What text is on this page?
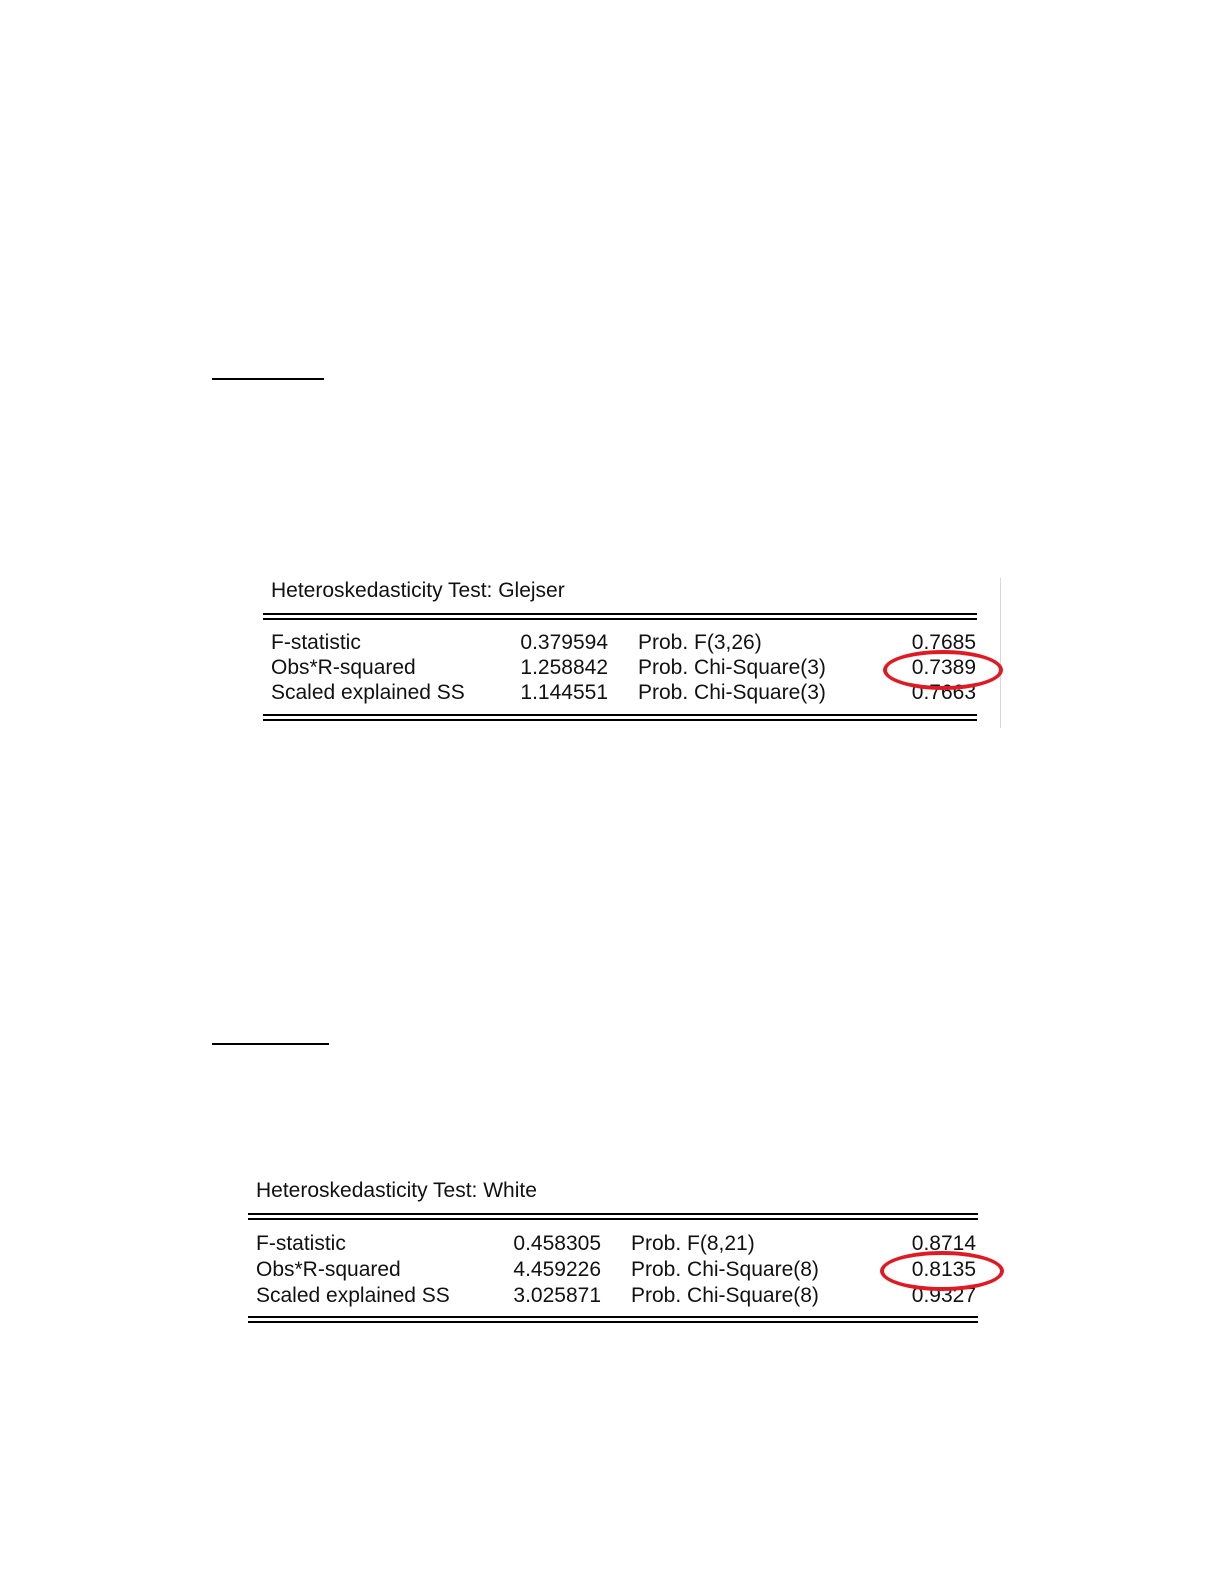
Heteroskedasticity Test: Glejser
F-statistic	0.379594 Prob. F(3,26)	0.7685
Obs*R-squared	1.258842 Prob. Chi-Square(3)	0.7389
Scaled explained SS	1.144551 Prob. Chi-Square(3)	0.7663
Heteroskedasticity Test: White
F-statistic	0.458305 Prob. F(8,21)	0.8714
Obs*R-squared	4.459226 Prob. Chi-Square(8)	0.8135
Scaled explained SS	3.025871 Prob. Chi-Square(8)	0.9327
